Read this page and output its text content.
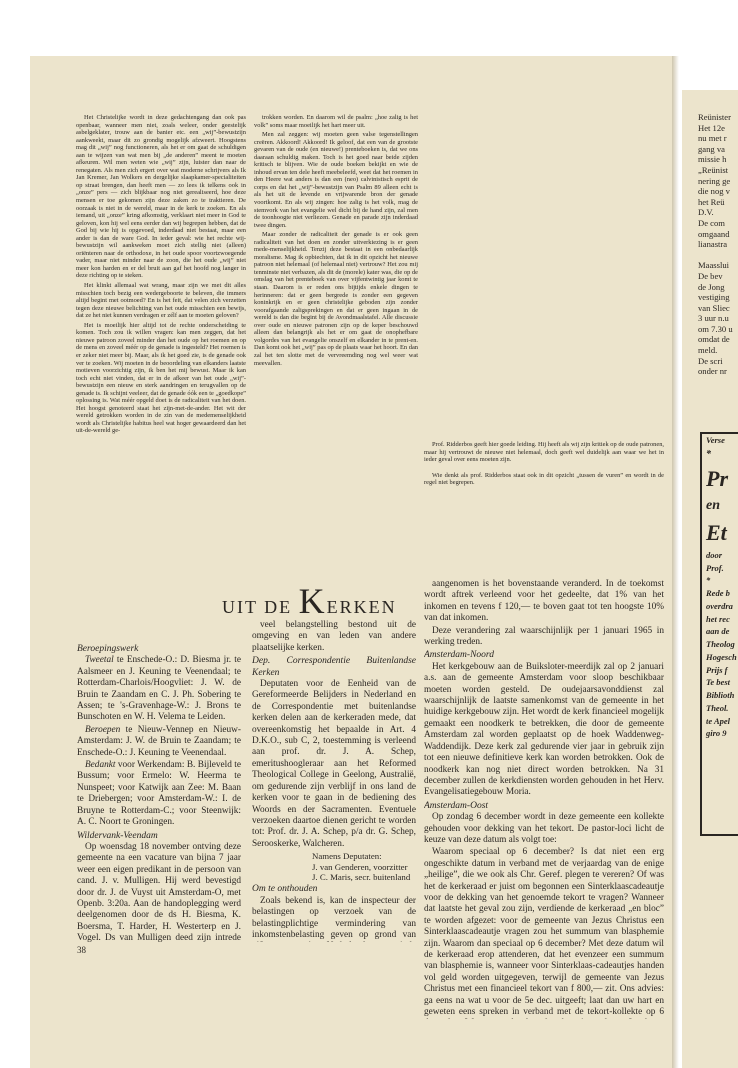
Het Christelijke wordt in deze gedachtengang dan ook pas openbaar, wanneer men niet, zoals weleer, onder geestelijk asbelgeklater, trouw aan de banier etc. een „wij”-bewustzijn aankweekt, maar dit zo grondig mogelijk afzweert. Hoogstens mag dit „wij” nog functioneren, als het er om gaat de schuldigen aan te wijzen van wat men bij „de anderen” meent te moeten afkeuren. Wil men weten wie „wij” zijn, luister dan naar de renegaten. Als men zich ergert over wat moderne schrijvers als Ik Jan Kremer, Jan Wolkers en dergelijke slaapkamer-specialiteiten op straat brengen, dan heeft men — zo lees ik telkens ook in „onze” pers — zich blijkbaar nog niet gerealiseerd, hoe deze mensen er toe gekomen zijn deze zaken zo te traktieren. De oorzaak is niet in de wereld, maar in de kerk te zoeken. En als iemand, uit „onze” kring afkomstig, verklaart niet meer in God te geloven, kon hij wel eens eerder dan wij begrepen hebben, dat de God bij wie hij is opgevoed, inderdaad niet bestaat, maar een ander is dan de ware God. In ieder geval: wie het rechte wij-bewustzijn wil aankweken moet zich stellig niet (alleen) oriënteren naar de orthodoxe, in het oude spoor voortzwoegende vader, maar niet minder naar de zoon, die het oude „wij” niet meer kon harden en er del bruit aan gaf het hoofd nog langer in deze richting op te steken.

Het klinkt allemaal wat wrang, maar zijn we met dit alles misschien toch bezig een wedergeboorte te beleven, die immers altijd begint met ootmoed? En is het feit, dat velen zich verzetten tegen deze nieuwe belichting van het oude misschien een bewijs, dat ze het niet kunnen verdragen er zélf aan te moeten geloven?

Het is moeilijk hier altijd tot de rechte onderscheiding te komen. Toch zou ik willen vragen: kan men zeggen, dat het nieuwe patroon zoveel minder dan het oude op het roemen en op de mens en zoveel méér op de genade is ingesteld? Het roemen is er zeker niet meer bij. Maar, als ik het goed zie, is de genade ook ver te zoeken. Wij moeten in de beoordeling van elkanders laatste motieven voorzichtig zijn, ik ben het mij bewust. Maar ik kan toch echt niet vinden, dat er in de afkeer van het oude „wij”-bewustzijn een nieuw en sterk aandringen en terugvallen op de genade is. Ik schijnt veeleer, dat de genade óók een te „goedkope” oplossing is. Wat méér opgeld doet is de radicaliteit van het doen. Het hoogst genoteerd staat het zijn-met-de-ander. Het wit der wereld getrokken worden in de zin van de medemenselijkheid wordt als Christelijke habitus heel wat hoger gewaardeerd dan het uit-de-wereld ge-

trokken worden. En daarom wil de psalm: „hoe zalig is het volk” soms maar moeilijk het hart meer uit.

Men zal zeggen: wij moeten geen valse tegenstellingen creëren. Akkoord! Akkoord! Ik geloof, dat een van de grootste gevaren van de oude (en nieuwe!) prenteboeken is, dat we ons daaraan schuldig maken. Toch is het goed naar beide zijden kritisch te blijven. Wie de oude boeken bekijkt en wie de inhoud ervan ten dele heeft meebeleefd, weet dat het roemen in den Heere wat anders is dan een (neo) calvinistisch esprit de corps en dat het „wij”-bewustzijn van Psalm 89 alleen echt is als het uit de levende en vrijwarende bron der genade voortkomt. En als wij zingen: hoe zalig is het volk, mag de stemvork van het evangelie wel dicht bij de hand zijn, zal men de toonhoogte niet verliezen. Genade en parade zijn inderdaad twee dingen.

Maar zonder de radicaliteit der genade is er ook geen radicaliteit van het doen en zonder uitverkiezing is er geen mede-menselijkheid. Tenzij deze bestaat in een onbedaarlijk moralisme. Mag ik opbiechten, dat ik in dit opzicht het nieuwe patroon niet helemaal (of helemaal niet) vertrouw? Het zou mij tenminste niet verbazen, als dit de (morele) kater was, die op de omslag van het prenteboek van over vijfentwintig jaar komt te staan. Daarom is er reden ons bijtijds enkele dingen te herinneren: dat er geen bergrede is zonder een gegeven koninkrijk en er geen christelijke geboden zijn zonder voorafgaande zaligsprekingen en dat er geen ingaan in de wereld is dan die begint bij de Avondmaalstafel. Alle discussie over oude en nieuwe patronen zijn op de keper beschouwd alleen dan belangrijk als het er om gaat de onophefbare volgordes van het evangelie onszelf en elkander in te prent-en. Dan komt ook het „wij” pas op de plaats waar het hoort. En dan zal het ten slotte met de vervreemding nog wel weer wat meevallen.

Prof. Ridderbos geeft hier goede leiding. Hij heeft als wij zijn kritiek op de oude patronen, maar hij vertrouwt de nieuwe niet helemaal, doch geeft wel duidelijk aan waar we het in ieder geval over eens moeten zijn.

Wie denkt als prof. Ridderbos staat ook in dit opzicht „tussen de vuren” en wordt in de regel niet begrepen.

UIT DE KERKEN
Beroepingswerk

Tweetal te Enschede-O.: D. Biesma jr. te Aalsmeer en J. Keuning te Veenendaal; te Rotterdam-Charlois/Hoogvliet: J. W. de Bruin te Zaandam en C. J. Ph. Sobering te Assen; te 's-Gravenhage-W.: J. Brons te Bunschoten en W. H. Velema te Leiden.

Beroepen te Nieuw-Vennep en Nieuw-Amsterdam: J. W. de Bruin te Zaandam; te Enschede-O.: J. Keuning te Veenendaal.

Bedankt voor Werkendam: B. Bijleveld te Bussum; voor Ermelo: W. Heerma te Nunspeet; voor Katwijk aan Zee: M. Baan te Driebergen; voor Amsterdam-W.: I. de Bruyne te Rotterdam-C.; voor Steenwijk: A. C. Noort te Groningen.

Wildervank-Veendam

Op woensdag 18 november ontving deze gemeente na een vacature van bijna 7 jaar weer een eigen predikant in de persoon van cand. J. v. Mulligen. Hij werd bevestigd door dr. J. de Vuyst uit Amsterdam-O, met Openb. 3:20a. Aan de handoplegging werd deelgenomen door de ds H. Biesma, K. Boersma, T. Harder, H. Westerterp en J. Vogel. Ds van Mulligen deed zijn intrede

veel belangstelling bestond uit de omgeving en van leden van andere plaatselijke kerken.

Dep. Correspondentie Buitenlandse Kerken

Deputaten voor de Eenheid van de Gereformeerde Belijders in Nederland en de Correspondentie met buitenlandse kerken delen aan de kerkeraden mede, dat overeenkomstig het bepaalde in Art. 4 D.K.O., sub C, 2, toestemming is verleend aan prof. dr. J. A. Schep, emeritushoogleraar aan het Reformed Theological College in Geelong, Australië, om gedurende zijn verblijf in ons land de kerken voor te gaan in de bediening des Woords en der Sacramenten. Eventuele verzoeken daartoe dienen gericht te worden tot: Prof. dr. J. A. Schep, p/a dr. G. Schep, Serooskerke, Walcheren.

Namens Deputaten:
J. van Genderen, voorzitter
J. C. Maris, secr. buitenland
Om te onthouden

Zoals bekend is, kan de inspecteur der belastingen op verzoek van de belastingplichtige vermindering van inkomstenbelasting geven op grond van

aangenomen is het bovenstaande veranderd. In de toekomst wordt aftrek verleend voor het gedeelte, dat 1% van het inkomen en tevens f 120,— te boven gaat tot ten hoogste 10% van dat inkomen.

Deze verandering zal waarschijnlijk per 1 januari 1965 in werking treden.

Amsterdam-Noord

Het kerkgebouw aan de Buiksloter-meerdijk zal op 2 januari a.s. aan de gemeente Amsterdam voor sloop beschikbaar moeten worden gesteld. De oudejaarsavonddienst zal waarschijnlijk de laatste samenkomst van de gemeente in het huidige kerkgebouw zijn. Het wordt de kerk financieel mogelijk gemaakt een noodkerk te betrekken, die door de gemeente Amsterdam zal worden geplaatst op de hoek Waddenweg-Waddendijk. Deze kerk zal gedurende vier jaar in gebruik zijn tot een nieuwe definitieve kerk kan worden betrokken. Ook de noodkerk kan nog niet direct worden betrokken. Na 31 december zullen de kerkdiensten worden gehouden in het Herv. Evangelisatiegebouw Moria.

Amsterdam-Oost

Op zondag 6 december wordt in deze gemeente een kollekte gehouden voor dekking van het tekort. De pastor-loci licht de keuze van deze datum als volgt toe:

Waarom speciaal op 6 december? Is dat niet een erg ongeschikte datum in verband met de verjaardag van de enige „heilige”, die we ook als Chr. Geref. plegen te vereren? Of was het de kerkeraad er juist om begonnen een Sinterklaascadeautje voor de dekking van het genoemde tekort te vragen? Wanneer dat laatste het geval zou zijn, verdiende de kerkeraad „en bloc” te worden afgezet: voor de gemeente van Jezus Christus een Sinterklaascadeautje vragen zou het summum van blasphemie zijn. Waarom dan speciaal op 6 december? Met deze datum wil de kerkeraad erop attenderen, dat het evenzeer een summum van blasphemie is, wanneer voor Sinterklaas-cadeautjes handen vol geld worden uitgegeven, terwijl de gemeente van Jezus Christus met een financieel tekort van f 800,— zit. Ons advies: ga eens na wat u voor de 5e dec. uitgeeft; laat dan uw hart en geweten eens spreken in verband met de tekort-kollekte op 6

38
Reünister
Het 12e
nu met r
gang va
missie h
„Reünist
nering ge
die nog v
het Reü
D.V.
De com
omgaand
lianastra

Maasslui
De bev
de Jong
vestiging
van Sliec
3 uur n.u
om 7.30 u
omdat de
meld.
De scri
onder nr
Verse
*
Pr
en
Et
door
Prof.
*
Rede b
overdra
het rec
aan de
Theolog
Hogesch
Prijs f
Te best
Biblioth
Theol.
te Apel
giro 9
